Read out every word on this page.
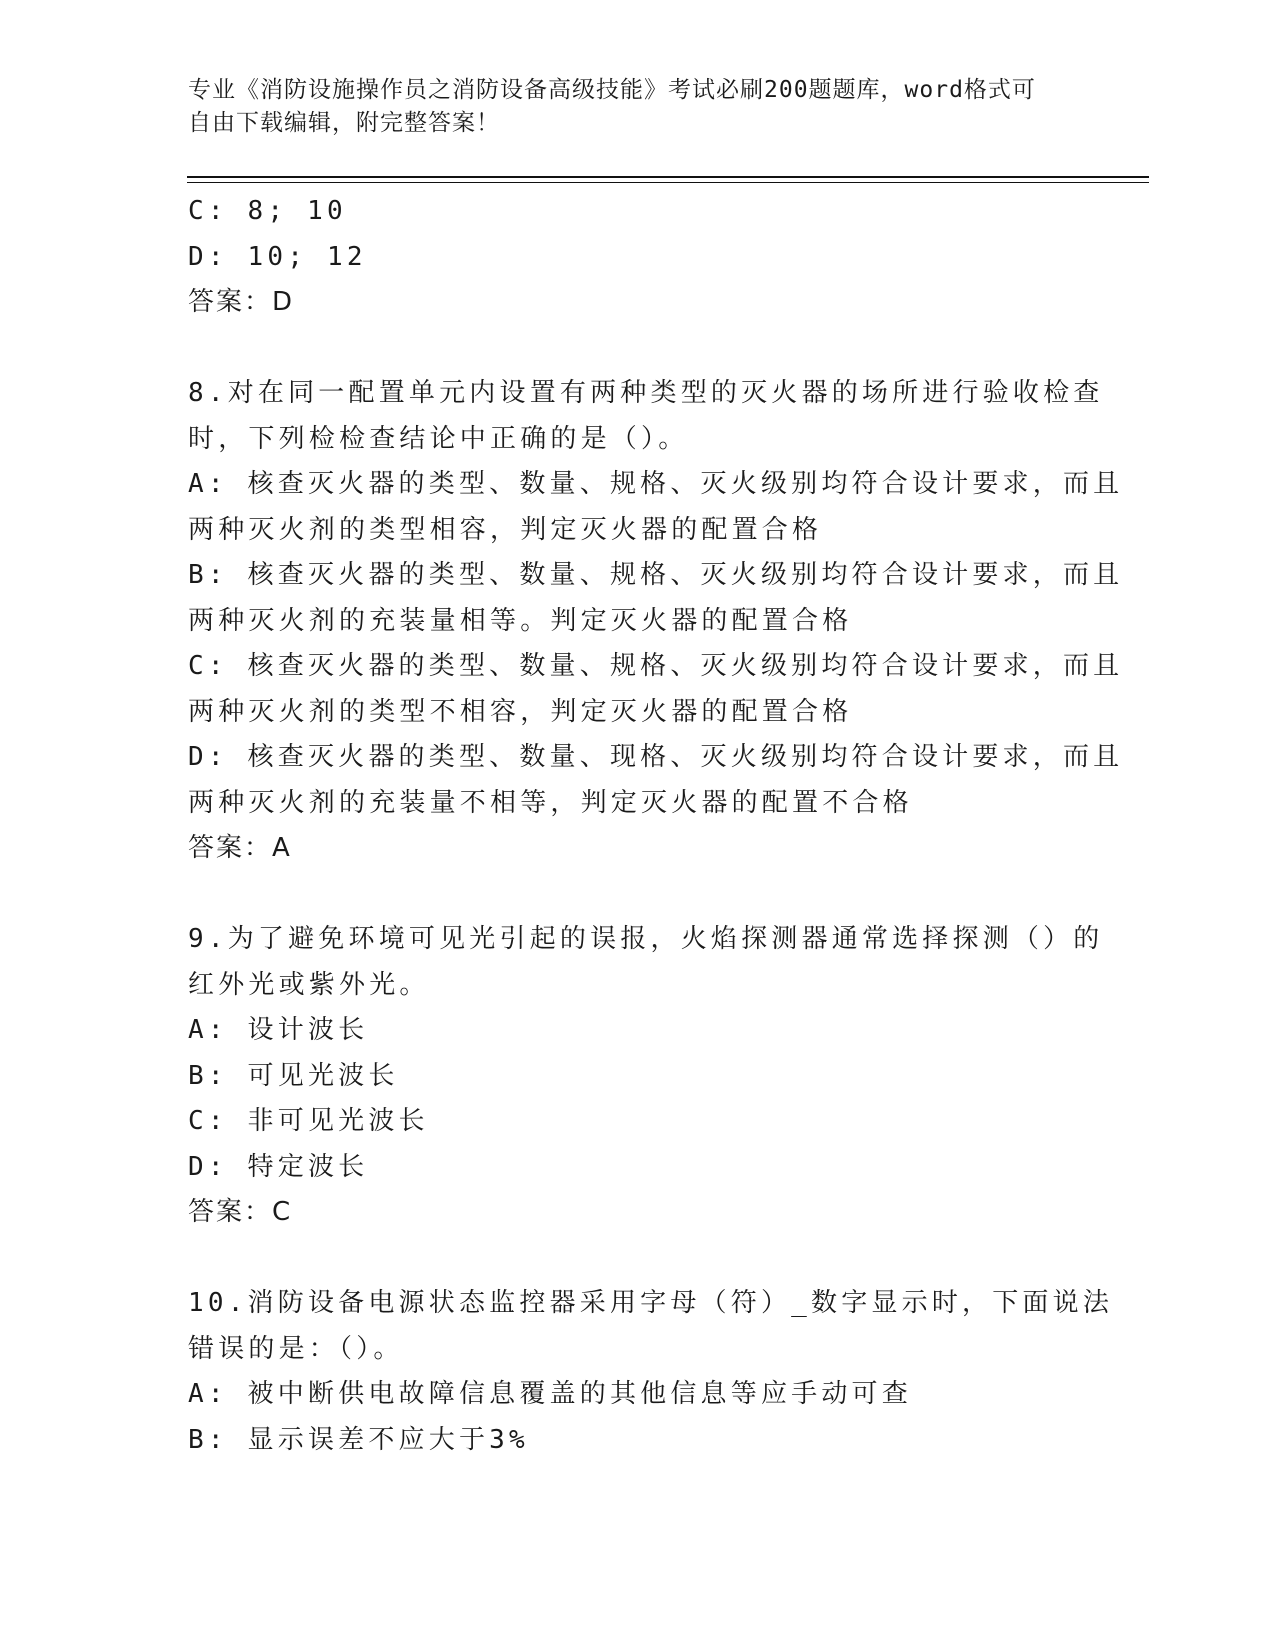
专业《消防设施操作员之消防设备高级技能》考试必刷200题题库，word格式可
自由下载编辑，附完整答案！
C: 8; 10
D: 10; 12
答案：D
8.对在同一配置单元内设置有两种类型的灭火器的场所进行验收检查
时，下列检检查结论中正确的是（）。
A: 核查灭火器的类型、数量、规格、灭火级别均符合设计要求，而且
两种灭火剂的类型相容，判定灭火器的配置合格
B: 核查灭火器的类型、数量、规格、灭火级别均符合设计要求，而且
两种灭火剂的充装量相等。判定灭火器的配置合格
C: 核查灭火器的类型、数量、规格、灭火级别均符合设计要求，而且
两种灭火剂的类型不相容，判定灭火器的配置合格
D: 核查灭火器的类型、数量、现格、灭火级别均符合设计要求，而且
两种灭火剂的充装量不相等，判定灭火器的配置不合格
答案：A
9.为了避免环境可见光引起的误报，火焰探测器通常选择探测（）的
红外光或紫外光。
A: 设计波长
B: 可见光波长
C: 非可见光波长
D: 特定波长
答案：C
10.消防设备电源状态监控器采用字母（符）_数字显示时，下面说法
错误的是：（）。
A: 被中断供电故障信息覆盖的其他信息等应手动可查
B: 显示误差不应大于3%
